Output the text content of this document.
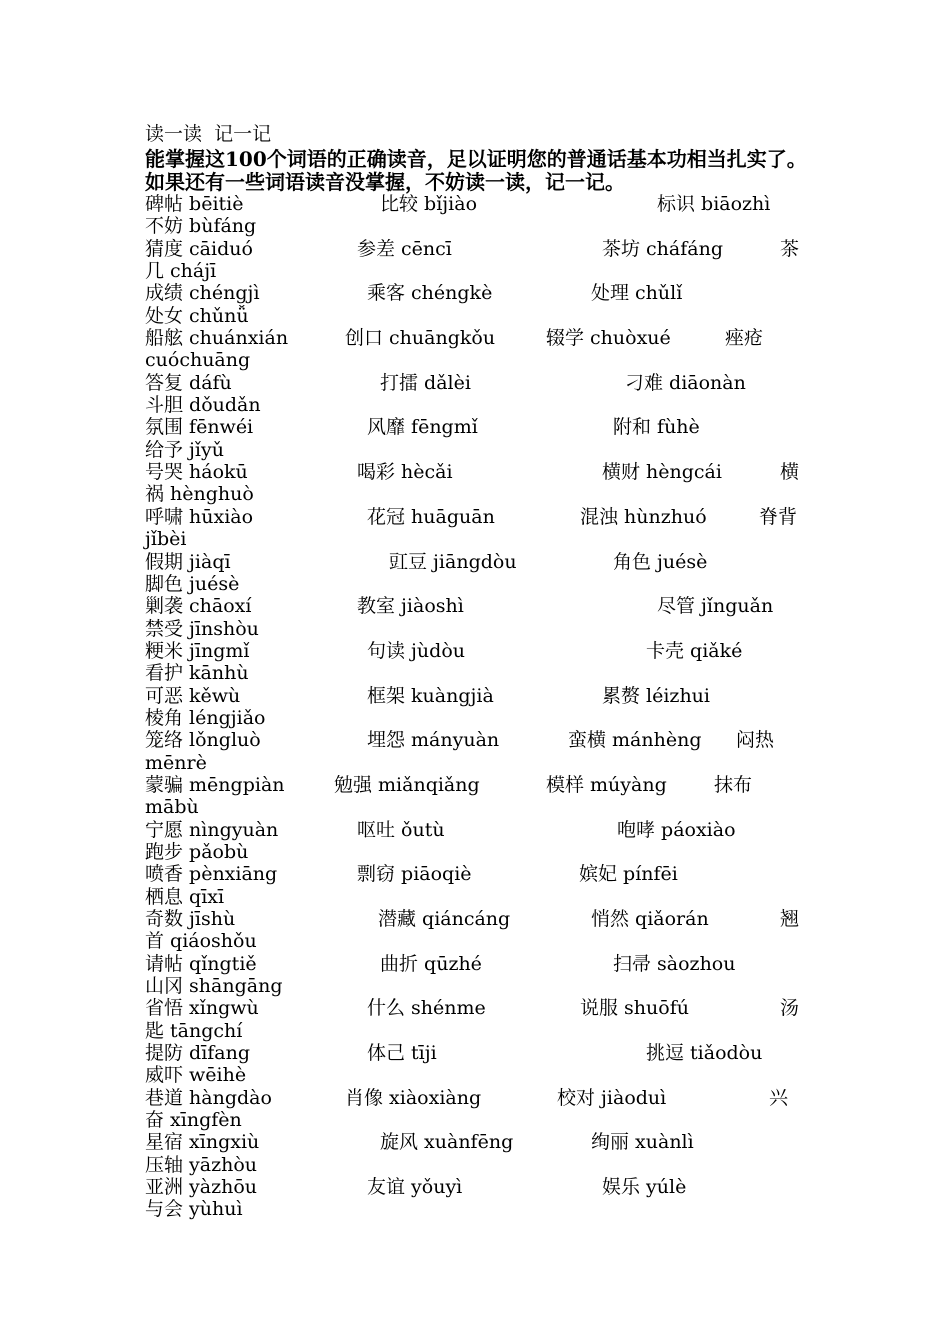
读一读  记一记
能掌握这100个词语的正确读音，足以证明您的普通话基本功相当扎实了。如果还有一些词语读音没掌握，不妨读一读，记一记。
碑帖 bēitiè	比较 bǐjiào	标识 biāozhì
不妨 bùfáng
猜度 cāiduó	参差 cēncī	茶坊 cháfáng	茶
几 chájī
成绩 chéngjì	乘客 chéngkè	处理 chǔlǐ
处女 chǔnǚ
船舷 chuánxián	创口 chuāngkǒu	辍学 chuòxué	痤疮
cuóchuāng
答复 dáfù	打擂 dǎlèi	刁难 diāonàn
斗胆 dǒudǎn
氛围 fēnwéi	风靡 fēngmǐ	附和 fùhè
给予 jǐyǔ
号哭 háokū	喝彩 hècǎi	横财 hèngcái	横
祸 hènghuò
呼啸 hūxiào	花冠 huāguān	混浊 hùnzhuó	脊背
jǐbèi
假期 jiàqī	豇豆 jiāngdòu	角色 juésè
脚色 juésè
剿袭 chāoxí	教室 jiàoshì	尽管 jǐnguǎn
禁受 jīnshòu
粳米 jīngmǐ	句读 jùdòu	卡壳 qiǎké
看护 kānhù
可恶 kěwù	框架 kuàngjià	累赘 léizhui
棱角 léngjiǎo
笼络 lǒngluò	埋怨 mányuàn	蛮横 mánhèng 闷热
mēnrè
蒙骗 mēngpiàn	勉强 miǎnqiǎng	模样 múyàng 抹布
mābù
宁愿 nìngyuàn	呕吐 ǒutù	咆哮 páoxiào
跑步 pǎobù
喷香 pènxiāng	剽窃 piāoqiè	嫔妃 pínfēi
栖息 qīxī
奇数 jīshù	潜藏 qiáncáng	悄然 qiǎorán	翘
首 qiáoshǒu
请帖 qǐngtiě	曲折 qūzhé	扫帚 sàozhou
山冈 shāngāng
省悟 xǐngwù	什么 shénme	说服 shuōfú	汤
匙 tāngchí
提防 dīfang	体己 tīji	挑逗 tiǎodòu
威吓 wēihè
巷道 hàngdào	肖像 xiàoxiàng	校对 jiàoduì	兴
奋 xīngfèn
星宿 xīngxiù	旋风 xuànfēng	绚丽 xuànlì
压轴 yāzhòu
亚洲 yàzhōu	友谊 yǒuyì	娱乐 yúlè
与会 yùhuì
